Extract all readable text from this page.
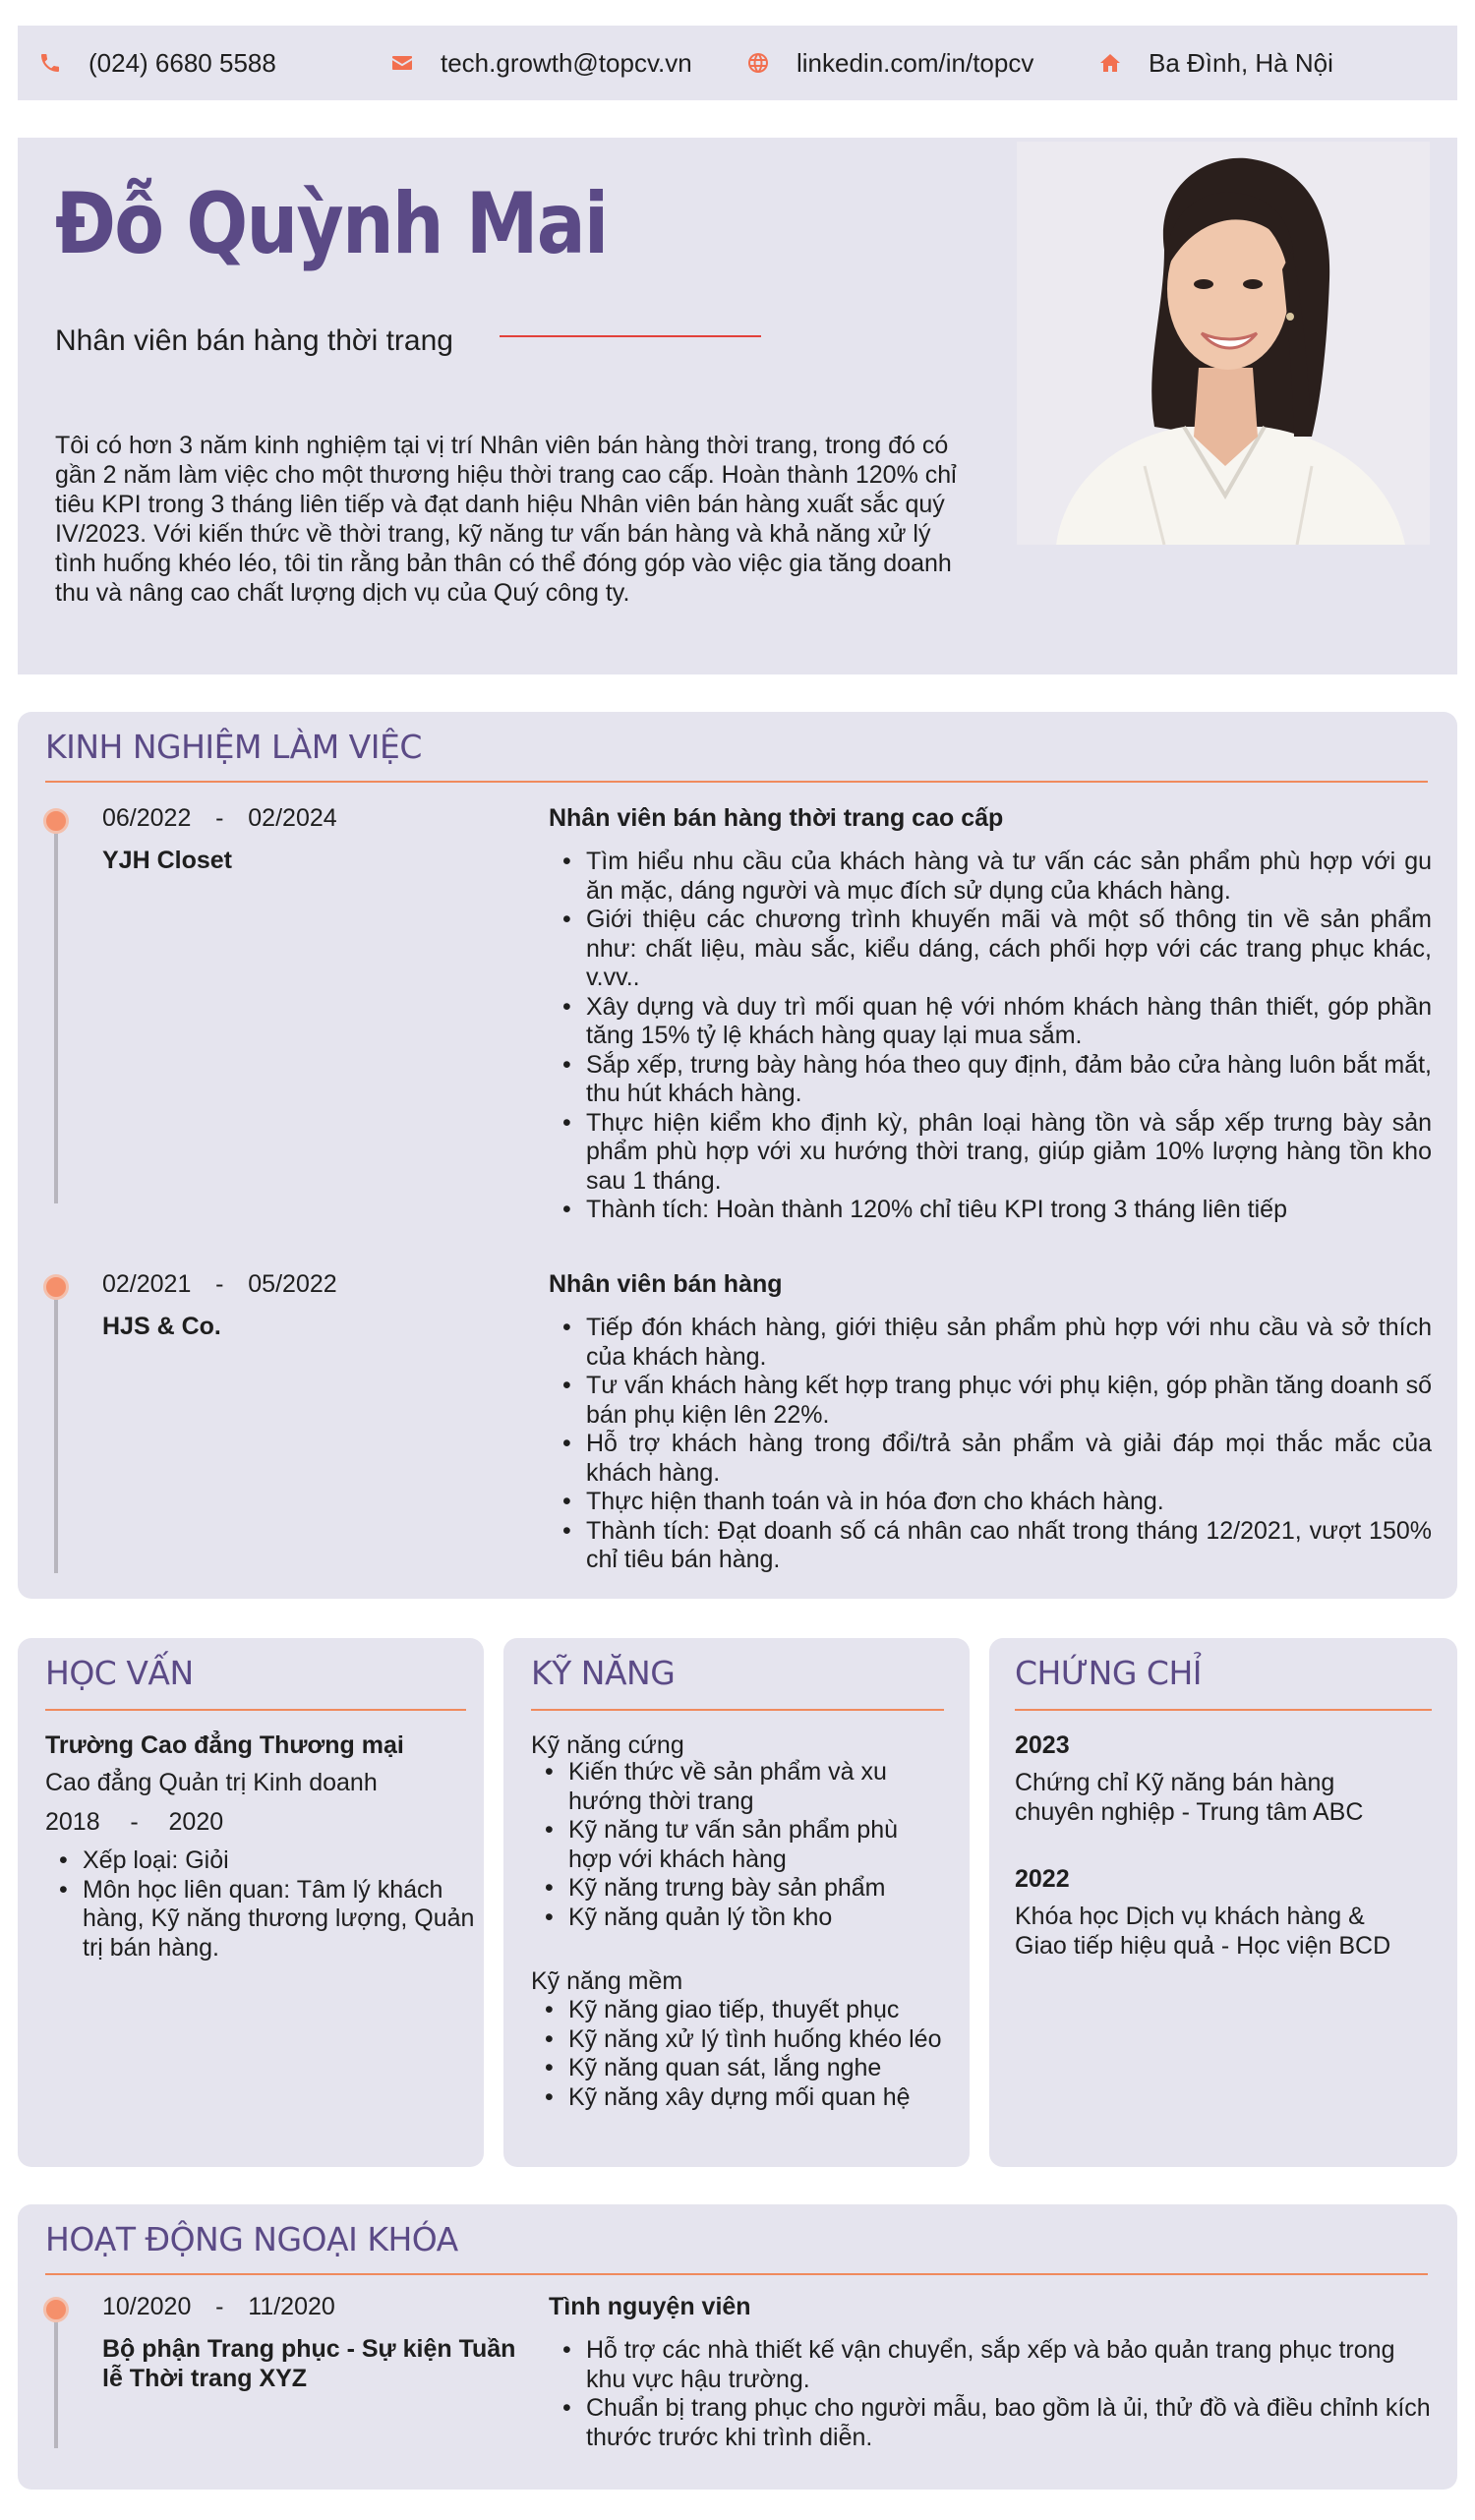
(024) 6680 5588	tech.growth@topcv.vn	linkedin.com/in/topcv	Ba Đình, Hà Nội
Đỗ Quỳnh Mai
Nhân viên bán hàng thời trang
Tôi có hơn 3 năm kinh nghiệm tại vị trí Nhân viên bán hàng thời trang, trong đó có gần 2 năm làm việc cho một thương hiệu thời trang cao cấp. Hoàn thành 120% chỉ tiêu KPI trong 3 tháng liên tiếp và đạt danh hiệu Nhân viên bán hàng xuất sắc quý IV/2023. Với kiến thức về thời trang, kỹ năng tư vấn bán hàng và khả năng xử lý tình huống khéo léo, tôi tin rằng bản thân có thể đóng góp vào việc gia tăng doanh thu và nâng cao chất lượng dịch vụ của Quý công ty.
KINH NGHIỆM LÀM VIỆC
06/2022 - 02/2024
YJH Closet
Nhân viên bán hàng thời trang cao cấp
• Tìm hiểu nhu cầu của khách hàng và tư vấn các sản phẩm phù hợp với gu ăn mặc, dáng người và mục đích sử dụng của khách hàng.
• Giới thiệu các chương trình khuyến mãi và một số thông tin về sản phẩm như: chất liệu, màu sắc, kiểu dáng, cách phối hợp với các trang phục khác, v.vv..
• Xây dựng và duy trì mối quan hệ với nhóm khách hàng thân thiết, góp phần tăng 15% tỷ lệ khách hàng quay lại mua sắm.
• Sắp xếp, trưng bày hàng hóa theo quy định, đảm bảo cửa hàng luôn bắt mắt, thu hút khách hàng.
• Thực hiện kiểm kho định kỳ, phân loại hàng tồn và sắp xếp trưng bày sản phẩm phù hợp với xu hướng thời trang, giúp giảm 10% lượng hàng tồn kho sau 1 tháng.
• Thành tích: Hoàn thành 120% chỉ tiêu KPI trong 3 tháng liên tiếp
02/2021 - 05/2022
HJS & Co.
Nhân viên bán hàng
• Tiếp đón khách hàng, giới thiệu sản phẩm phù hợp với nhu cầu và sở thích của khách hàng.
• Tư vấn khách hàng kết hợp trang phục với phụ kiện, góp phần tăng doanh số bán phụ kiện lên 22%.
• Hỗ trợ khách hàng trong đổi/trả sản phẩm và giải đáp mọi thắc mắc của khách hàng.
• Thực hiện thanh toán và in hóa đơn cho khách hàng.
• Thành tích: Đạt doanh số cá nhân cao nhất trong tháng 12/2021, vượt 150% chỉ tiêu bán hàng.
HỌC VẤN
Trường Cao đẳng Thương mại
Cao đẳng Quản trị Kinh doanh
2018 - 2020
• Xếp loại: Giỏi
• Môn học liên quan: Tâm lý khách hàng, Kỹ năng thương lượng, Quản trị bán hàng.
KỸ NĂNG
Kỹ năng cứng
• Kiến thức về sản phẩm và xu hướng thời trang
• Kỹ năng tư vấn sản phẩm phù hợp với khách hàng
• Kỹ năng trưng bày sản phẩm
• Kỹ năng quản lý tồn kho
Kỹ năng mềm
• Kỹ năng giao tiếp, thuyết phục
• Kỹ năng xử lý tình huống khéo léo
• Kỹ năng quan sát, lắng nghe
• Kỹ năng xây dựng mối quan hệ
CHỨNG CHỈ
2023
Chứng chỉ Kỹ năng bán hàng chuyên nghiệp - Trung tâm ABC
2022
Khóa học Dịch vụ khách hàng & Giao tiếp hiệu quả - Học viện BCD
HOẠT ĐỘNG NGOẠI KHÓA
10/2020 - 11/2020
Bộ phận Trang phục - Sự kiện Tuần lễ Thời trang XYZ
Tình nguyện viên
• Hỗ trợ các nhà thiết kế vận chuyển, sắp xếp và bảo quản trang phục trong khu vực hậu trường.
• Chuẩn bị trang phục cho người mẫu, bao gồm là ủi, thử đồ và điều chỉnh kích thước trước khi trình diễn.
